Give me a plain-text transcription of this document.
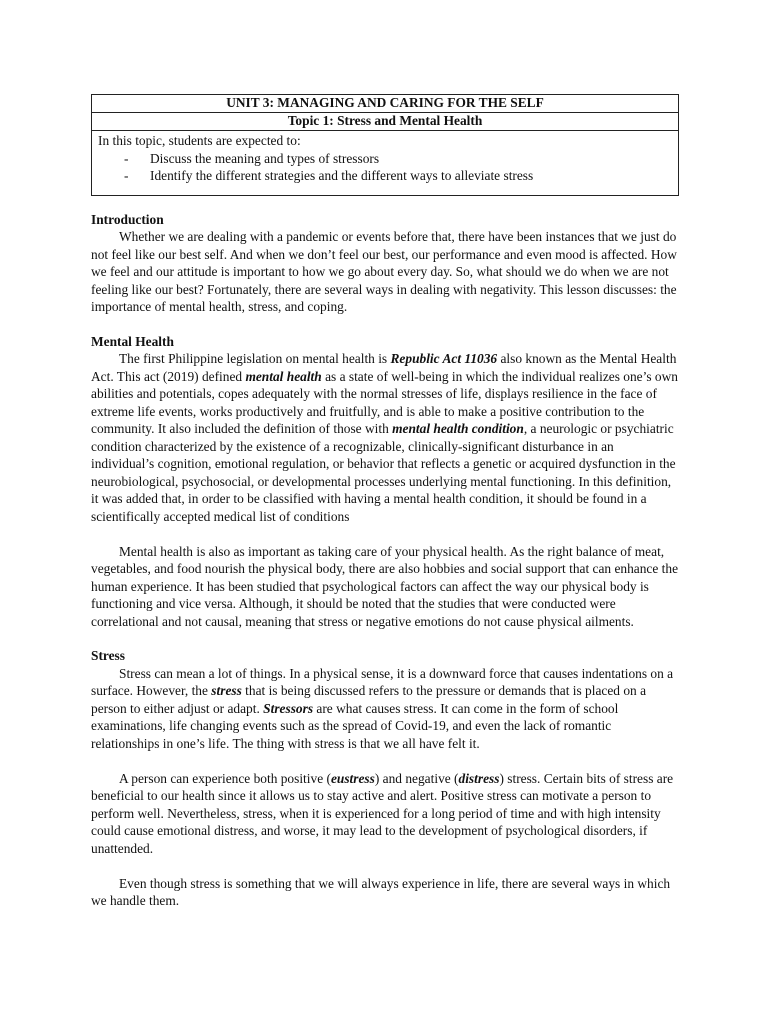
UNIT 3: MANAGING AND CARING FOR THE SELF
Topic 1: Stress and Mental Health
In this topic, students are expected to:
- Discuss the meaning and types of stressors
- Identify the different strategies and the different ways to alleviate stress
Introduction

Whether we are dealing with a pandemic or events before that, there have been instances that we just do not feel like our best self. And when we don’t feel our best, our performance and even mood is affected. How we feel and our attitude is important to how we go about every day. So, what should we do when we are not feeling like our best? Fortunately, there are several ways in dealing with negativity. This lesson discusses: the importance of mental health, stress, and coping.

Mental Health

The first Philippine legislation on mental health is Republic Act 11036 also known as the Mental Health Act. This act (2019) defined mental health as a state of well-being in which the individual realizes one’s own abilities and potentials, copes adequately with the normal stresses of life, displays resilience in the face of extreme life events, works productively and fruitfully, and is able to make a positive contribution to the community. It also included the definition of those with mental health condition, a neurologic or psychiatric condition characterized by the existence of a recognizable, clinically-significant disturbance in an individual’s cognition, emotional regulation, or behavior that reflects a genetic or acquired dysfunction in the neurobiological, psychosocial, or developmental processes underlying mental functioning. In this definition, it was added that, in order to be classified with having a mental health condition, it should be found in a scientifically accepted medical list of conditions

Mental health is also as important as taking care of your physical health. As the right balance of meat, vegetables, and food nourish the physical body, there are also hobbies and social support that can enhance the human experience. It has been studied that psychological factors can affect the way our physical body is functioning and vice versa. Although, it should be noted that the studies that were conducted were correlational and not causal, meaning that stress or negative emotions do not cause physical ailments.

Stress

Stress can mean a lot of things. In a physical sense, it is a downward force that causes indentations on a surface. However, the stress that is being discussed refers to the pressure or demands that is placed on a person to either adjust or adapt. Stressors are what causes stress. It can come in the form of school examinations, life changing events such as the spread of Covid-19, and even the lack of romantic relationships in one’s life. The thing with stress is that we all have felt it.

A person can experience both positive (eustress) and negative (distress) stress. Certain bits of stress are beneficial to our health since it allows us to stay active and alert. Positive stress can motivate a person to perform well. Nevertheless, stress, when it is experienced for a long period of time and with high intensity could cause emotional distress, and worse, it may lead to the development of psychological disorders, if unattended.

Even though stress is something that we will always experience in life, there are several ways in which we handle them.
